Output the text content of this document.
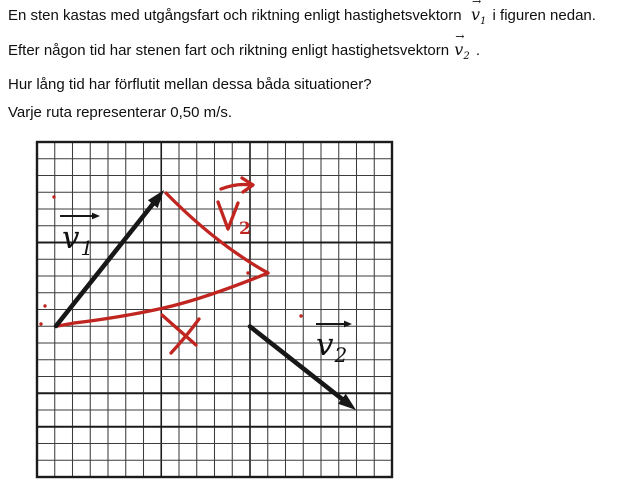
En sten kastas med utgångsfart och riktning enligt hastighetsvektorn
→
$v_1$ i figuren nedan.
Efter någon tid har stenen fart och riktning enligt hastighetsvektorn
→
$v_2$ .
Hur lång tid har förflutit mellan dessa båda situationer?
Varje ruta representerar 0,50 m/s.
2
$v_1$
$v_2$
